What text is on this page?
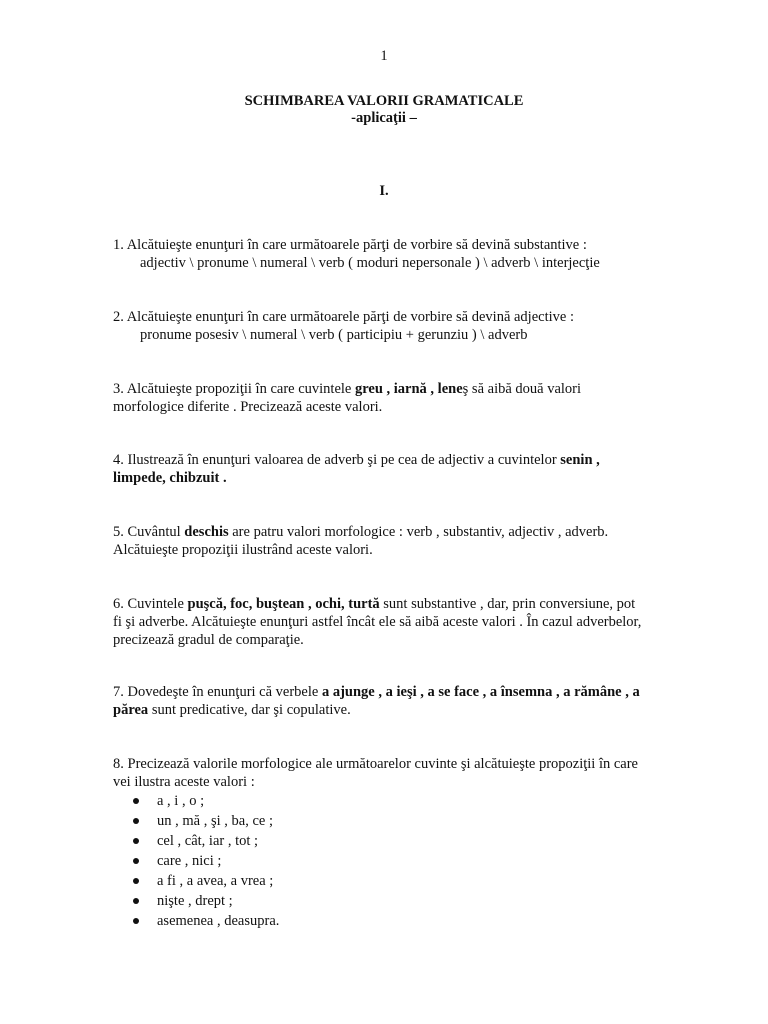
1
SCHIMBAREA VALORII GRAMATICALE
-aplicaţii –
I.
1. Alcătuieşte enunţuri în care următoarele părţi de vorbire să devină substantive :
adjectiv \ pronume \ numeral \ verb ( moduri nepersonale ) \ adverb \ interjecţie
2. Alcătuieşte enunţuri în care următoarele părţi de vorbire să devină adjective :
pronume posesiv \ numeral \ verb ( participiu + gerunziu ) \ adverb
3. Alcătuieşte propoziţii în care cuvintele greu , iarnă , leneş să aibă două valori morfologice diferite . Precizează aceste valori.
4. Ilustrează în enunţuri valoarea de adverb şi pe cea de adjectiv a cuvintelor senin , limpede, chibzuit .
5. Cuvântul deschis are patru valori morfologice : verb , substantiv, adjectiv , adverb. Alcătuieşte propoziţii ilustrând aceste valori.
6. Cuvintele puşcă, foc, buştean , ochi, turtă sunt substantive , dar, prin conversiune, pot fi şi adverbe. Alcătuieşte enunţuri astfel încât ele să aibă aceste valori . În cazul adverbelor, precizează gradul de comparaţie.
7. Dovedeşte în enunţuri că verbele a ajunge , a ieşi , a se face , a însemna , a rămâne , a părea sunt predicative, dar şi copulative.
8. Precizează valorile morfologice ale următoarelor cuvinte şi alcătuieşte propoziţii în care vei ilustra aceste valori :
a , i , o ;
un , mă , şi , ba, ce ;
cel , cât, iar , tot ;
care , nici ;
a fi , a avea, a vrea ;
nişte , drept ;
asemenea , deasupra.
